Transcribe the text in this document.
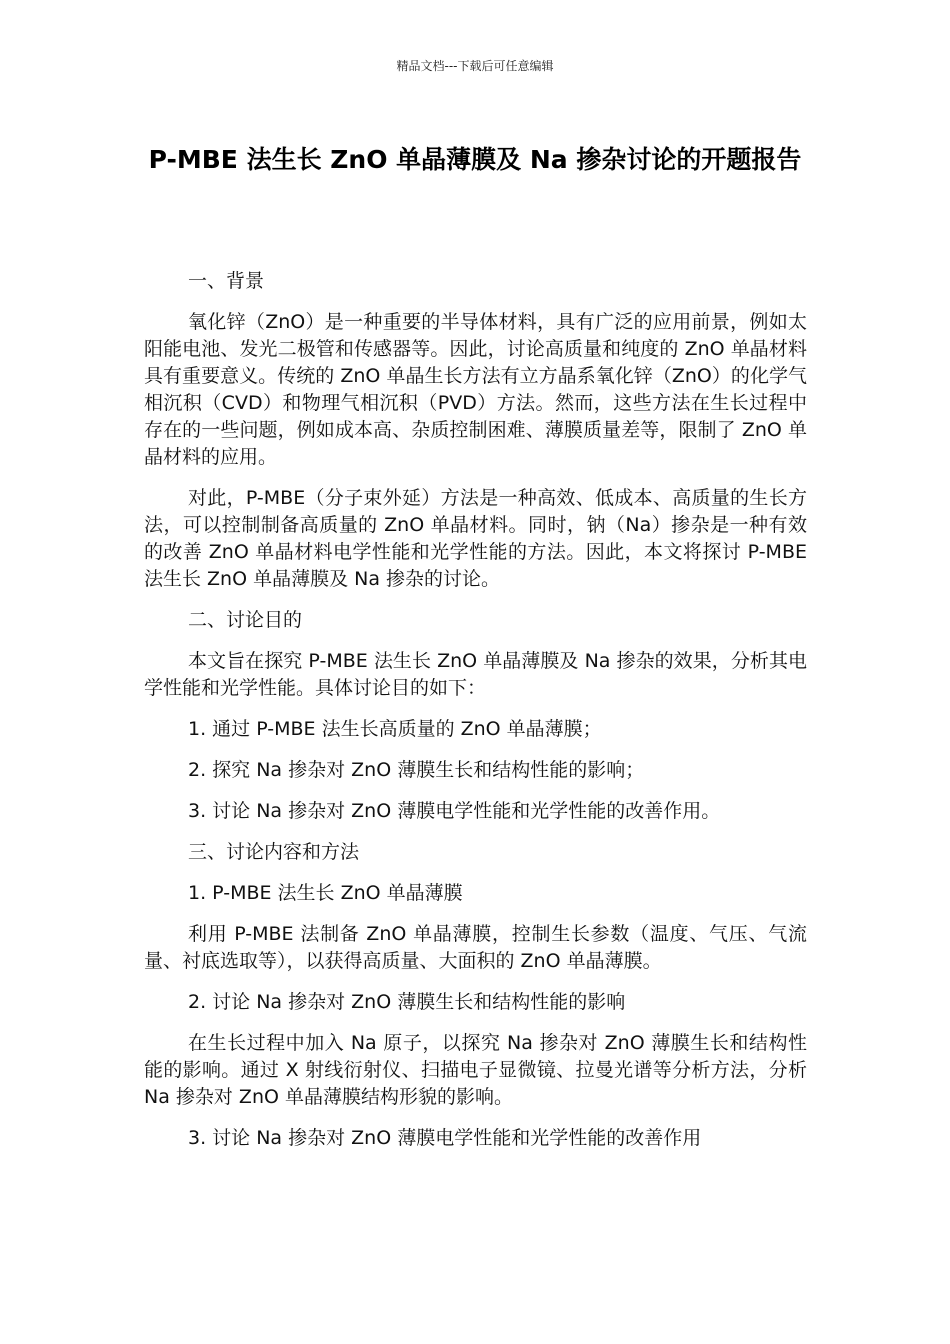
精品文档---下载后可任意编辑
P-MBE 法生长 ZnO 单晶薄膜及 Na 掺杂讨论的开题报告

一、背景

氧化锌（ZnO）是一种重要的半导体材料，具有广泛的应用前景，例如太阳能电池、发光二极管和传感器等。因此，讨论高质量和纯度的 ZnO 单晶材料具有重要意义。传统的 ZnO 单晶生长方法有立方晶系氧化锌（ZnO）的化学气相沉积（CVD）和物理气相沉积（PVD）方法。然而，这些方法在生长过程中存在的一些问题，例如成本高、杂质控制困难、薄膜质量差等，限制了 ZnO 单晶材料的应用。

对此，P-MBE（分子束外延）方法是一种高效、低成本、高质量的生长方法，可以控制制备高质量的 ZnO 单晶材料。同时，钠（Na）掺杂是一种有效的改善 ZnO 单晶材料电学性能和光学性能的方法。因此，本文将探讨 P-MBE 法生长 ZnO 单晶薄膜及 Na 掺杂的讨论。

二、讨论目的

本文旨在探究 P-MBE 法生长 ZnO 单晶薄膜及 Na 掺杂的效果，分析其电学性能和光学性能。具体讨论目的如下：

1. 通过 P-MBE 法生长高质量的 ZnO 单晶薄膜；

2. 探究 Na 掺杂对 ZnO 薄膜生长和结构性能的影响；

3. 讨论 Na 掺杂对 ZnO 薄膜电学性能和光学性能的改善作用。

三、讨论内容和方法

1. P-MBE 法生长 ZnO 单晶薄膜

利用 P-MBE 法制备 ZnO 单晶薄膜，控制生长参数（温度、气压、气流量、衬底选取等），以获得高质量、大面积的 ZnO 单晶薄膜。

2. 讨论 Na 掺杂对 ZnO 薄膜生长和结构性能的影响

在生长过程中加入 Na 原子，以探究 Na 掺杂对 ZnO 薄膜生长和结构性能的影响。通过 X 射线衍射仪、扫描电子显微镜、拉曼光谱等分析方法，分析 Na 掺杂对 ZnO 单晶薄膜结构形貌的影响。

3. 讨论 Na 掺杂对 ZnO 薄膜电学性能和光学性能的改善作用
